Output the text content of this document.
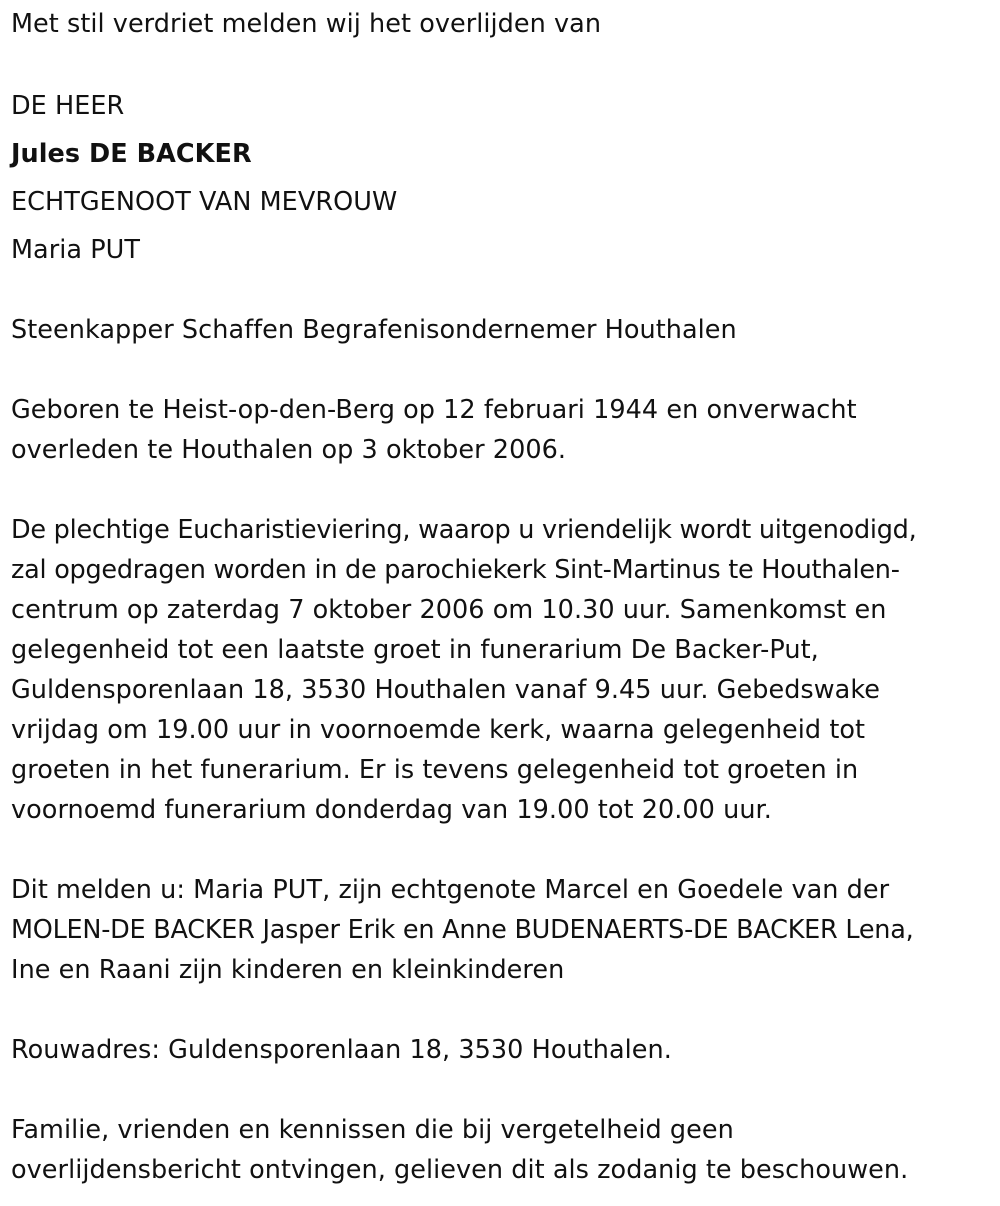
Met stil verdriet melden wij het overlijden van
DE HEER
Jules DE BACKER
ECHTGENOOT VAN MEVROUW
Maria PUT
Steenkapper Schaffen Begrafenisondernemer Houthalen
Geboren te Heist-op-den-Berg op 12 februari 1944 en onverwacht
overleden te Houthalen op 3 oktober 2006.
De plechtige Eucharistieviering, waarop u vriendelijk wordt uitgenodigd,
zal opgedragen worden in de parochiekerk Sint-Martinus te Houthalen-
centrum op zaterdag 7 oktober 2006 om 10.30 uur. Samenkomst en
gelegenheid tot een laatste groet in funerarium De Backer-Put,
Guldensporenlaan 18, 3530 Houthalen vanaf 9.45 uur. Gebedswake
vrijdag om 19.00 uur in voornoemde kerk, waarna gelegenheid tot
groeten in het funerarium. Er is tevens gelegenheid tot groeten in
voornoemd funerarium donderdag van 19.00 tot 20.00 uur.
Dit melden u: Maria PUT, zijn echtgenote Marcel en Goedele van der
MOLEN-DE BACKER Jasper Erik en Anne BUDENAERTS-DE BACKER Lena,
Ine en Raani zijn kinderen en kleinkinderen
Rouwadres: Guldensporenlaan 18, 3530 Houthalen.
Familie, vrienden en kennissen die bij vergetelheid geen
overlijdensbericht ontvingen, gelieven dit als zodanig te beschouwen.
